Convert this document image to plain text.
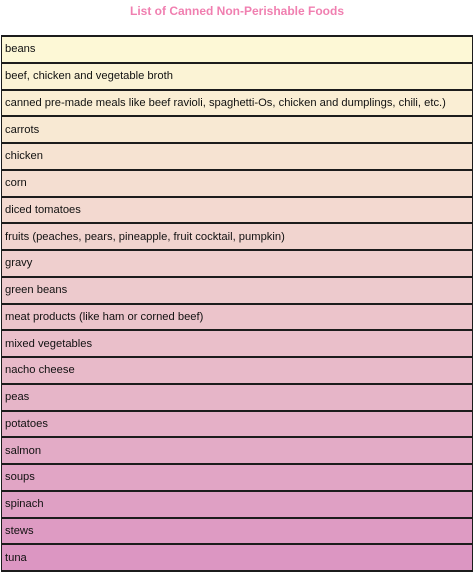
List of Canned Non-Perishable Foods
beans
beef, chicken and vegetable broth
canned pre-made meals like beef ravioli, spaghetti-Os, chicken and dumplings, chili, etc.)
carrots
chicken
corn
diced tomatoes
fruits (peaches, pears, pineapple, fruit cocktail, pumpkin)
gravy
green beans
meat products (like ham or corned beef)
mixed vegetables
nacho cheese
peas
potatoes
salmon
soups
spinach
stews
tuna
